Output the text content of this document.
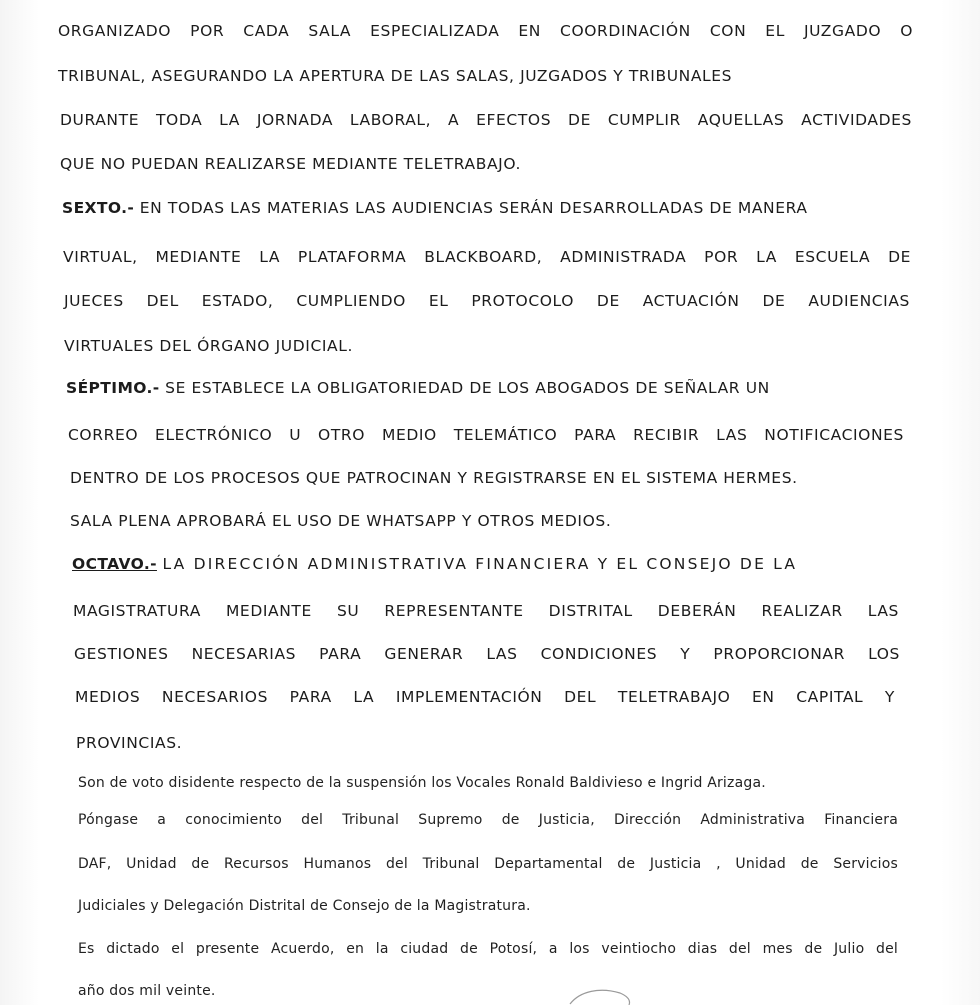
ORGANIZADO POR CADA SALA ESPECIALIZADA EN COORDINACIÓN CON EL JUZGADO O
TRIBUNAL, ASEGURANDO LA APERTURA DE LAS SALAS, JUZGADOS Y TRIBUNALES
DURANTE TODA LA JORNADA LABORAL, A EFECTOS DE CUMPLIR AQUELLAS ACTIVIDADES
QUE NO PUEDAN REALIZARSE MEDIANTE TELETRABAJO.
SEXTO.- EN TODAS LAS MATERIAS LAS AUDIENCIAS SERÁN DESARROLLADAS DE MANERA
VIRTUAL, MEDIANTE LA PLATAFORMA BLACKBOARD, ADMINISTRADA POR LA ESCUELA DE
JUECES DEL ESTADO, CUMPLIENDO EL PROTOCOLO DE ACTUACIÓN DE AUDIENCIAS
VIRTUALES DEL ÓRGANO JUDICIAL.
SÉPTIMO.- SE ESTABLECE LA OBLIGATORIEDAD DE LOS ABOGADOS DE SEÑALAR UN
CORREO ELECTRÓNICO U OTRO MEDIO TELEMÁTICO PARA RECIBIR LAS NOTIFICACIONES
DENTRO DE LOS PROCESOS QUE PATROCINAN Y REGISTRARSE EN EL SISTEMA HERMES.
SALA PLENA APROBARÁ EL USO DE WHATSAPP Y OTROS MEDIOS.
OCTAVO.- LA DIRECCIÓN ADMINISTRATIVA FINANCIERA Y EL CONSEJO DE LA
MAGISTRATURA MEDIANTE SU REPRESENTANTE DISTRITAL DEBERÁN REALIZAR LAS
GESTIONES NECESARIAS PARA GENERAR LAS CONDICIONES Y PROPORCIONAR LOS
MEDIOS NECESARIOS PARA LA IMPLEMENTACIÓN DEL TELETRABAJO EN CAPITAL Y
PROVINCIAS.
Son de voto disidente respecto de la suspensión los Vocales Ronald Baldivieso e Ingrid Arizaga.
Póngase a conocimiento del Tribunal Supremo de Justicia, Dirección Administrativa Financiera
DAF, Unidad de Recursos Humanos del Tribunal Departamental de Justicia , Unidad de Servicios
Judiciales y Delegación Distrital de Consejo de la Magistratura.
Es dictado el presente Acuerdo, en la ciudad de Potosí, a los veintiocho dias del mes de Julio del
año dos mil veinte.
